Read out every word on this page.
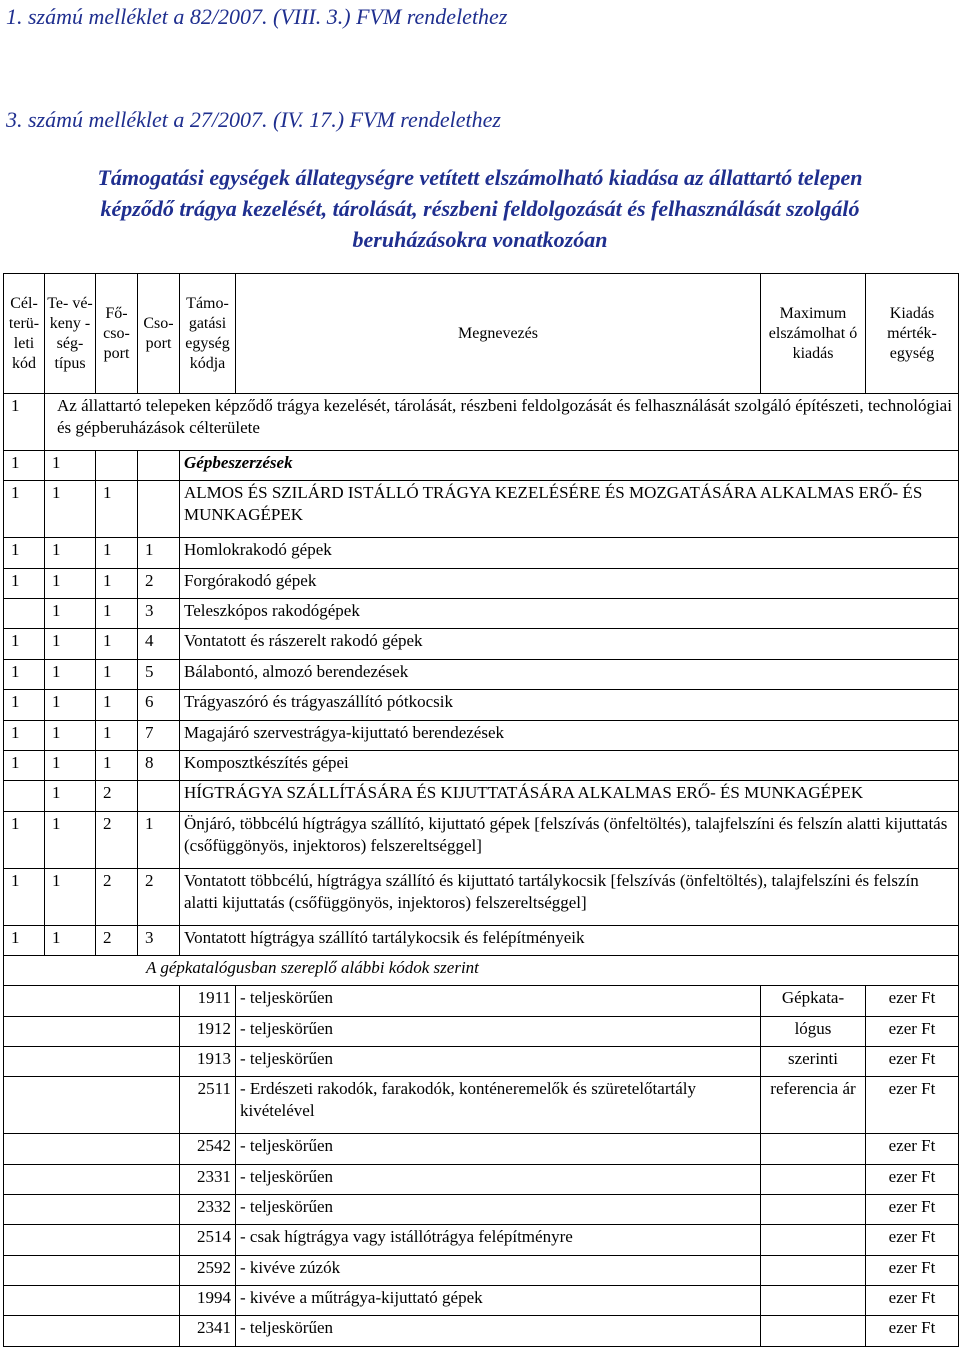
1. számú melléklet a 82/2007. (VIII. 3.) FVM rendelethez
3. számú melléklet a 27/2007. (IV. 17.) FVM rendelethez
Támogatási egységek állategységre vetített elszámolható kiadása az állattartó telepen
képződő trágya kezelését, tárolását, részbeni feldolgozását és felhasználását szolgáló
beruházásokra vonatkozóan
Cél- terü- leti kód	Te- vé- keny -ség- típus	Fő- cso- port	Cso- port	Támo- gatási egység kódja	Megnevezés	Maximum elszámolhat ó kiadás	Kiadás mérték- egység
1	Az állattartó telepeken képződő trágya kezelését, tárolását, részbeni feldolgozását és felhasználását szolgáló építészeti, technológiai és gépberuházások célterülete						
1	1			Gépbeszerzések			
1	1	1		ALMOS ÉS SZILÁRD ISTÁLLÓ TRÁGYA KEZELÉSÉRE ÉS MOZGATÁSÁRA ALKALMAS ERŐ- ÉS MUNKAGÉPEK			
1	1	1	1	Homlokrakodó gépek			
1	1	1	2	Forgórakodó gépek			
	1	1	3	Teleszkópos rakodógépek			
1	1	1	4	Vontatott és rászerelt rakodó gépek			
1	1	1	5	Bálabontó, almozó berendezések			
1	1	1	6	Trágyaszóró és trágyaszállító pótkocsik			
1	1	1	7	Magajáró szervestrágya-kijuttató berendezések			
1	1	1	8	Komposztkészítés gépei			
	1	2		HÍGTRÁGYA SZÁLLÍTÁSÁRA ÉS KIJUTTATÁSÁRA ALKALMAS ERŐ- ÉS MUNKAGÉPEK			
1	1	2	1	Önjáró, többcélú hígtrágya szállító, kijuttató gépek [felszívás (önfeltöltés), talajfelszíni és felszín alatti kijuttatás (csőfüggönyös, injektoros) felszereltséggel]			
1	1	2	2	Vontatott többcélú, hígtrágya szállító és kijuttató tartálykocsik [felszívás (önfeltöltés), talajfelszíni és felszín alatti kijuttatás (csőfüggönyös, injektoros) felszereltséggel]			
1	1	2	3	Vontatott hígtrágya szállító tartálykocsik és felépítményeik			
A gépkatalógusban szereplő alábbi kódok szerint							
				1911	- teljeskörűen	Gépkata-	ezer Ft
				1912	- teljeskörűen	lógus	ezer Ft
				1913	- teljeskörűen	szerinti	ezer Ft
				2511	- Erdészeti rakodók, farakodók, konténeremelők és szüretelőtartály kivételével	referencia ár	ezer Ft
				2542	- teljeskörűen		ezer Ft
				2331	- teljeskörűen		ezer Ft
				2332	- teljeskörűen		ezer Ft
				2514	- csak hígtrágya vagy istállótrágya felépítményre		ezer Ft
				2592	- kivéve zúzók		ezer Ft
				1994	- kivéve a műtrágya-kijuttató gépek		ezer Ft
				2341	- teljeskörűen		ezer Ft
